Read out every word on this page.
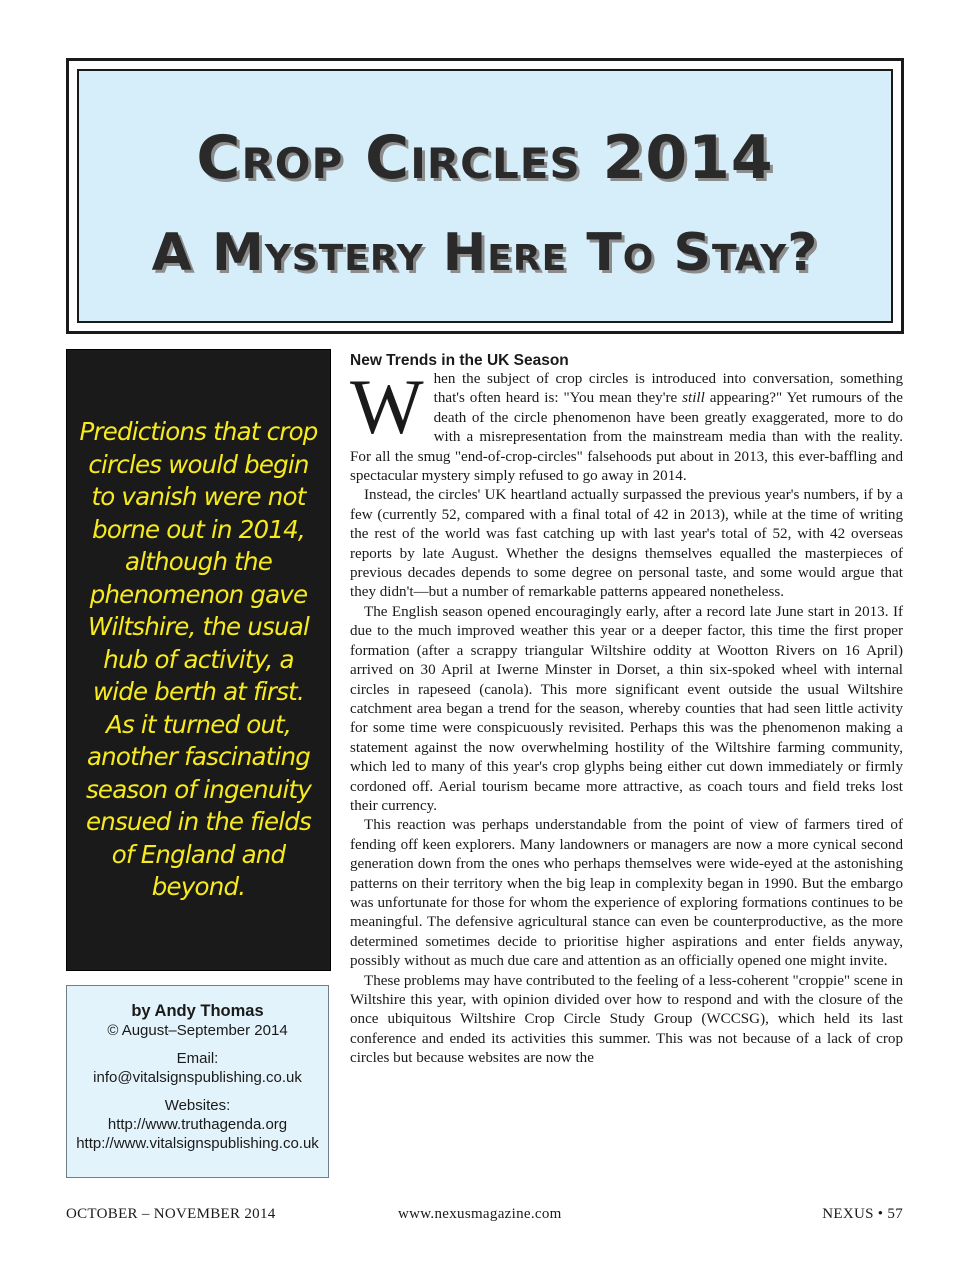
Crop Circles 2014
A Mystery Here To Stay?

Predictions that crop circles would begin to vanish were not borne out in 2014, although the phenomenon gave Wiltshire, the usual hub of activity, a wide berth at first. As it turned out, another fascinating season of ingenuity ensued in the fields of England and beyond.

by Andy Thomas
© August–September 2014
Email:
info@vitalsignspublishing.co.uk
Websites:
http://www.truthagenda.org
http://www.vitalsignspublishing.co.uk
New Trends in the UK Season

When the subject of crop circles is introduced into conversation, something that's often heard is: "You mean they're still appearing?" Yet rumours of the death of the circle phenomenon have been greatly exaggerated, more to do with a misrepresentation from the mainstream media than with the reality. For all the smug "end-of-crop-circles" falsehoods put about in 2013, this ever-baffling and spectacular mystery simply refused to go away in 2014.

Instead, the circles' UK heartland actually surpassed the previous year's numbers, if by a few (currently 52, compared with a final total of 42 in 2013), while at the time of writing the rest of the world was fast catching up with last year's total of 52, with 42 overseas reports by late August. Whether the designs themselves equalled the masterpieces of previous decades depends to some degree on personal taste, and some would argue that they didn't—but a number of remarkable patterns appeared nonetheless.

The English season opened encouragingly early, after a record late June start in 2013. If due to the much improved weather this year or a deeper factor, this time the first proper formation (after a scrappy triangular Wiltshire oddity at Wootton Rivers on 16 April) arrived on 30 April at Iwerne Minster in Dorset, a thin six-spoked wheel with internal circles in rapeseed (canola). This more significant event outside the usual Wiltshire catchment area began a trend for the season, whereby counties that had seen little activity for some time were conspicuously revisited. Perhaps this was the phenomenon making a statement against the now overwhelming hostility of the Wiltshire farming community, which led to many of this year's crop glyphs being either cut down immediately or firmly cordoned off. Aerial tourism became more attractive, as coach tours and field treks lost their currency.

This reaction was perhaps understandable from the point of view of farmers tired of fending off keen explorers. Many landowners or managers are now a more cynical second generation down from the ones who perhaps themselves were wide-eyed at the astonishing patterns on their territory when the big leap in complexity began in 1990. But the embargo was unfortunate for those for whom the experience of exploring formations continues to be meaningful. The defensive agricultural stance can even be counterproductive, as the more determined sometimes decide to prioritise higher aspirations and enter fields anyway, possibly without as much due care and attention as an officially opened one might invite.

These problems may have contributed to the feeling of a less-coherent "croppie" scene in Wiltshire this year, with opinion divided over how to respond and with the closure of the once ubiquitous Wiltshire Crop Circle Study Group (WCCSG), which held its last conference and ended its activities this summer. This was not because of a lack of crop circles but because websites are now the

OCTOBER – NOVEMBER 2014	www.nexusmagazine.com	NEXUS • 57
